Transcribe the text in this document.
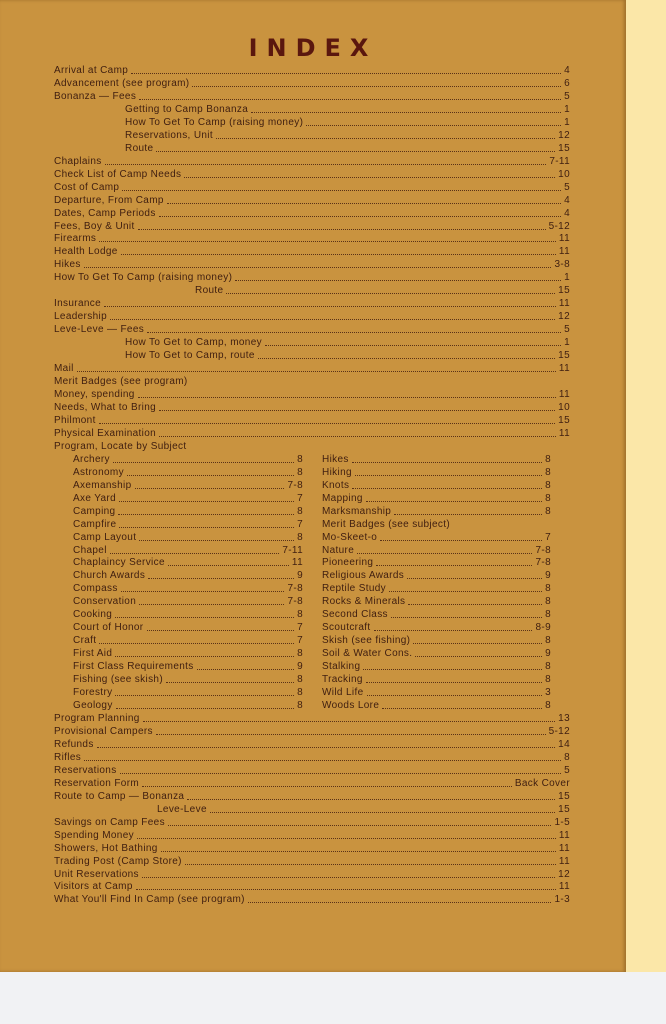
INDEX
Arrival at Camp	4
Advancement (see program)	6
Bonanza — Fees	5
Getting to Camp Bonanza	1
How To Get To Camp (raising money)	1
Reservations, Unit	12
Route	15
Chaplains	7-11
Check List of Camp Needs	10
Cost of Camp	5
Departure, From Camp	4
Dates, Camp Periods	4
Fees, Boy & Unit	5-12
Firearms	11
Health Lodge	11
Hikes	3-8
How To Get To Camp (raising money)	1
Route	15
Insurance	11
Leadership	12
Leve-Leve — Fees	5
How To Get to Camp, money	1
How To Get to Camp, route	15
Mail	11
Merit Badges (see program)
Money, spending	11
Needs, What to Bring	10
Philmont	15
Physical Examination	11
Program, Locate by Subject
Program Planning	13
Provisional Campers	5-12
Refunds	14
Rifles	8
Reservations	5
Reservation Form	Back Cover
Route to Camp — Bonanza	15
Leve-Leve	15
Savings on Camp Fees	1-5
Spending Money	11
Showers, Hot Bathing	11
Trading Post (Camp Store)	11
Unit Reservations	12
Visitors at Camp	11
What You'll Find In Camp (see program)	1-3
Archery	8
Astronomy	8
Axemanship	7-8
Axe Yard	7
Camping	8
Campfire	7
Camp Layout	8
Chapel	7-11
Chaplaincy Service	11
Church Awards	9
Compass	7-8
Conservation	7-8
Cooking	8
Court of Honor	7
Craft	7
First Aid	8
First Class Requirements	9
Fishing (see skish)	8
Forestry	8
Geology	8
Hikes	8
Hiking	8
Knots	8
Mapping	8
Marksmanship	8
Merit Badges (see subject)
Mo-Skeet-o	7
Nature	7-8
Pioneering	7-8
Religious Awards	9
Reptile Study	8
Rocks & Minerals	8
Second Class	8
Scoutcraft	8-9
Skish (see fishing)	8
Soil & Water Cons.	9
Stalking	8
Tracking	8
Wild Life	3
Woods Lore	8
